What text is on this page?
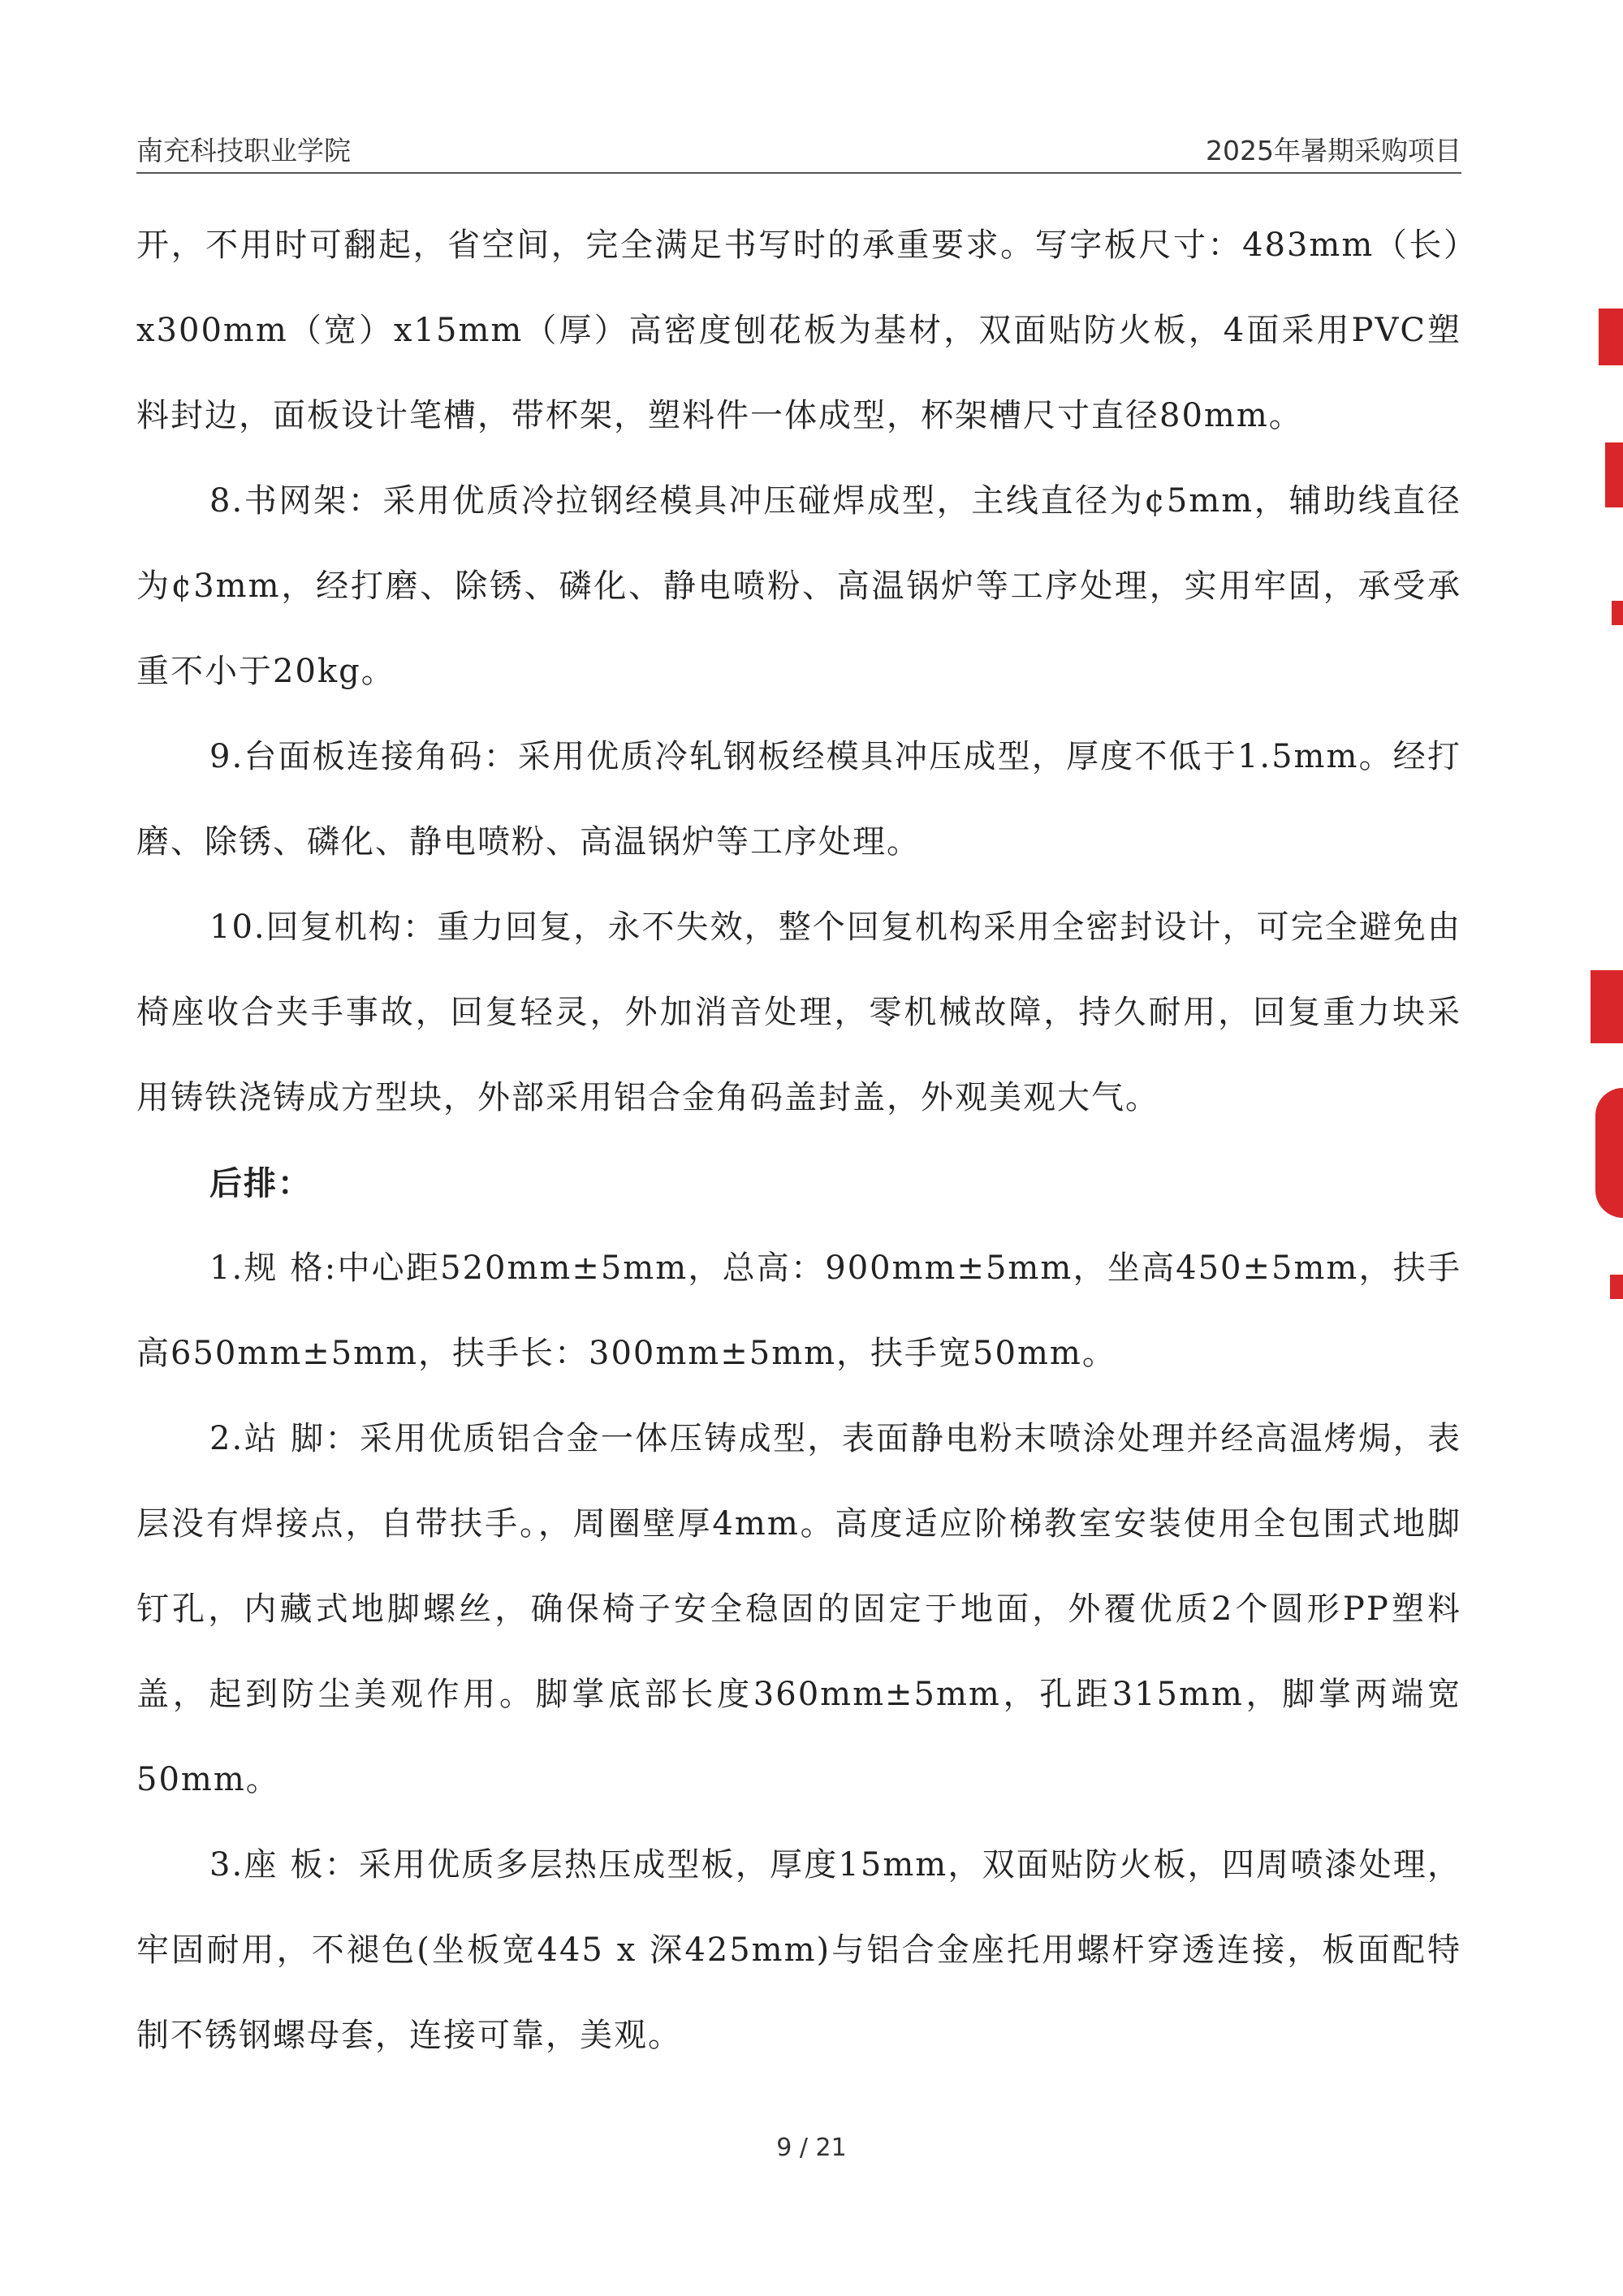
南充科技职业学院	2025年暑期采购项目

开，不用时可翻起，省空间，完全满足书写时的承重要求。写字板尺寸：483mm（长）x300mm（宽）x15mm（厚）高密度刨花板为基材，双面贴防火板，4面采用PVC塑料封边，面板设计笔槽，带杯架，塑料件一体成型，杯架槽尺寸直径80mm。

8.书网架：采用优质冷拉钢经模具冲压碰焊成型，主线直径为¢5mm，辅助线直径为¢3mm，经打磨、除锈、磷化、静电喷粉、高温锅炉等工序处理，实用牢固，承受承重不小于20kg。

9.台面板连接角码：采用优质冷轧钢板经模具冲压成型，厚度不低于1.5mm。经打磨、除锈、磷化、静电喷粉、高温锅炉等工序处理。

10.回复机构：重力回复，永不失效，整个回复机构采用全密封设计，可完全避免由椅座收合夹手事故，回复轻灵，外加消音处理，零机械故障，持久耐用，回复重力块采用铸铁浇铸成方型块，外部采用铝合金角码盖封盖，外观美观大气。

后排：

1.规 格:中心距520mm±5mm，总高：900mm±5mm，坐高450±5mm，扶手高650mm±5mm，扶手长：300mm±5mm，扶手宽50mm。

2.站 脚：采用优质铝合金一体压铸成型，表面静电粉末喷涂处理并经高温烤焗，表层没有焊接点，自带扶手。，周圈壁厚4mm。高度适应阶梯教室安装使用全包围式地脚钉孔，内藏式地脚螺丝，确保椅子安全稳固的固定于地面，外覆优质2个圆形PP塑料盖，起到防尘美观作用。脚掌底部长度360mm±5mm，孔距315mm，脚掌两端宽50mm。

3.座 板：采用优质多层热压成型板，厚度15mm，双面贴防火板，四周喷漆处理，牢固耐用，不褪色(坐板宽445 x 深425mm)与铝合金座托用螺杆穿透连接，板面配特制不锈钢螺母套，连接可靠，美观。

9 / 21
